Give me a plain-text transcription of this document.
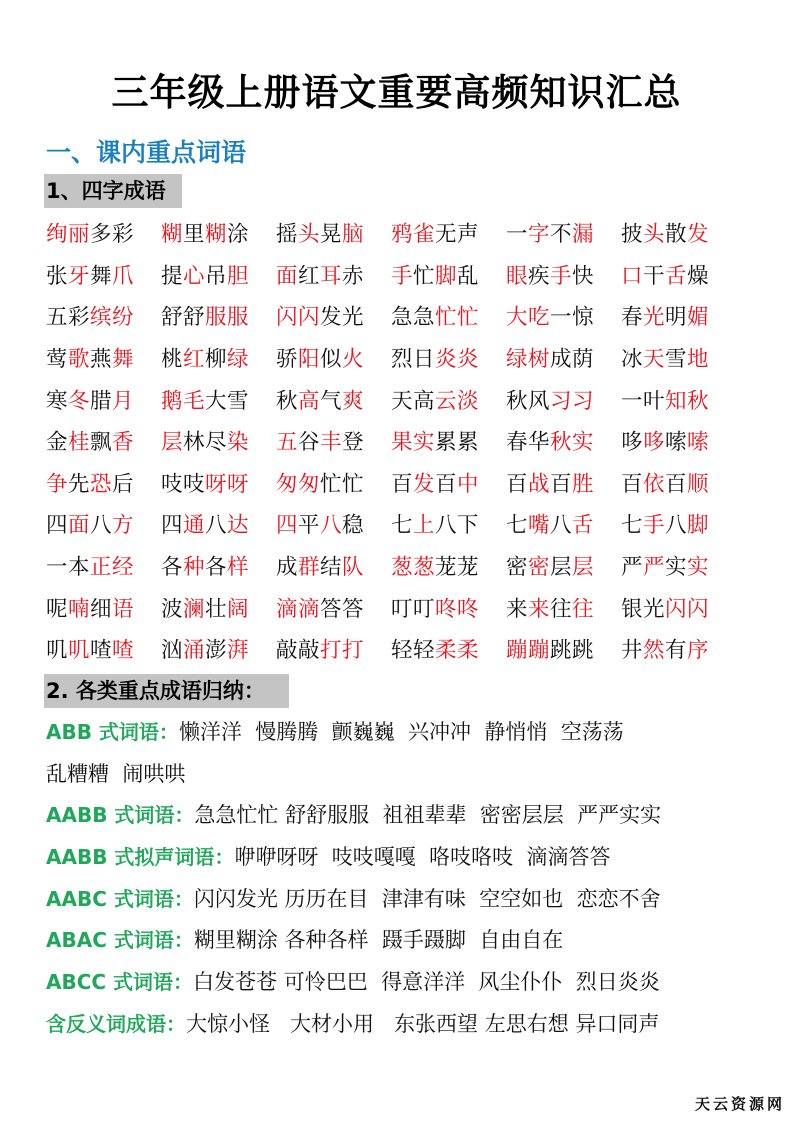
三年级上册语文重要高频知识汇总
一、课内重点词语
1、四字成语
绚丽多彩	糊里糊涂	摇头晃脑	鸦雀无声	一字不漏	披头散发
张牙舞爪	提心吊胆	面红耳赤	手忙脚乱	眼疾手快	口干舌燥
五彩缤纷	舒舒服服	闪闪发光	急急忙忙	大吃一惊	春光明媚
莺歌燕舞	桃红柳绿	骄阳似火	烈日炎炎	绿树成荫	冰天雪地
寒冬腊月	鹅毛大雪	秋高气爽	天高云淡	秋风习习	一叶知秋
金桂飘香	层林尽染	五谷丰登	果实累累	春华秋实	哆哆嗦嗦
争先恐后	吱吱呀呀	匆匆忙忙	百发百中	百战百胜	百依百顺
四面八方	四通八达	四平八稳	七上八下	七嘴八舌	七手八脚
一本正经	各种各样	成群结队	葱葱茏茏	密密层层	严严实实
呢喃细语	波澜壮阔	滴滴答答	叮叮咚咚	来来往往	银光闪闪
叽叽喳喳	汹涌澎湃	敲敲打打	轻轻柔柔	蹦蹦跳跳	井然有序
2. 各类重点成语归纳：
ABB 式词语：懒洋洋  慢腾腾  颤巍巍  兴冲冲  静悄悄  空荡荡
乱糟糟  闹哄哄
AABB 式词语：急急忙忙 舒舒服服  祖祖辈辈  密密层层  严严实实
AABB 式拟声词语：咿咿呀呀  吱吱嘎嘎  咯吱咯吱  滴滴答答
AABC 式词语：闪闪发光 历历在目  津津有味  空空如也  恋恋不舍
ABAC 式词语：糊里糊涂 各种各样  蹑手蹑脚  自由自在
ABCC 式词语：白发苍苍 可怜巴巴  得意洋洋  风尘仆仆  烈日炎炎
含反义词成语：大惊小怪   大材小用   东张西望 左思右想 异口同声
天云资源网
